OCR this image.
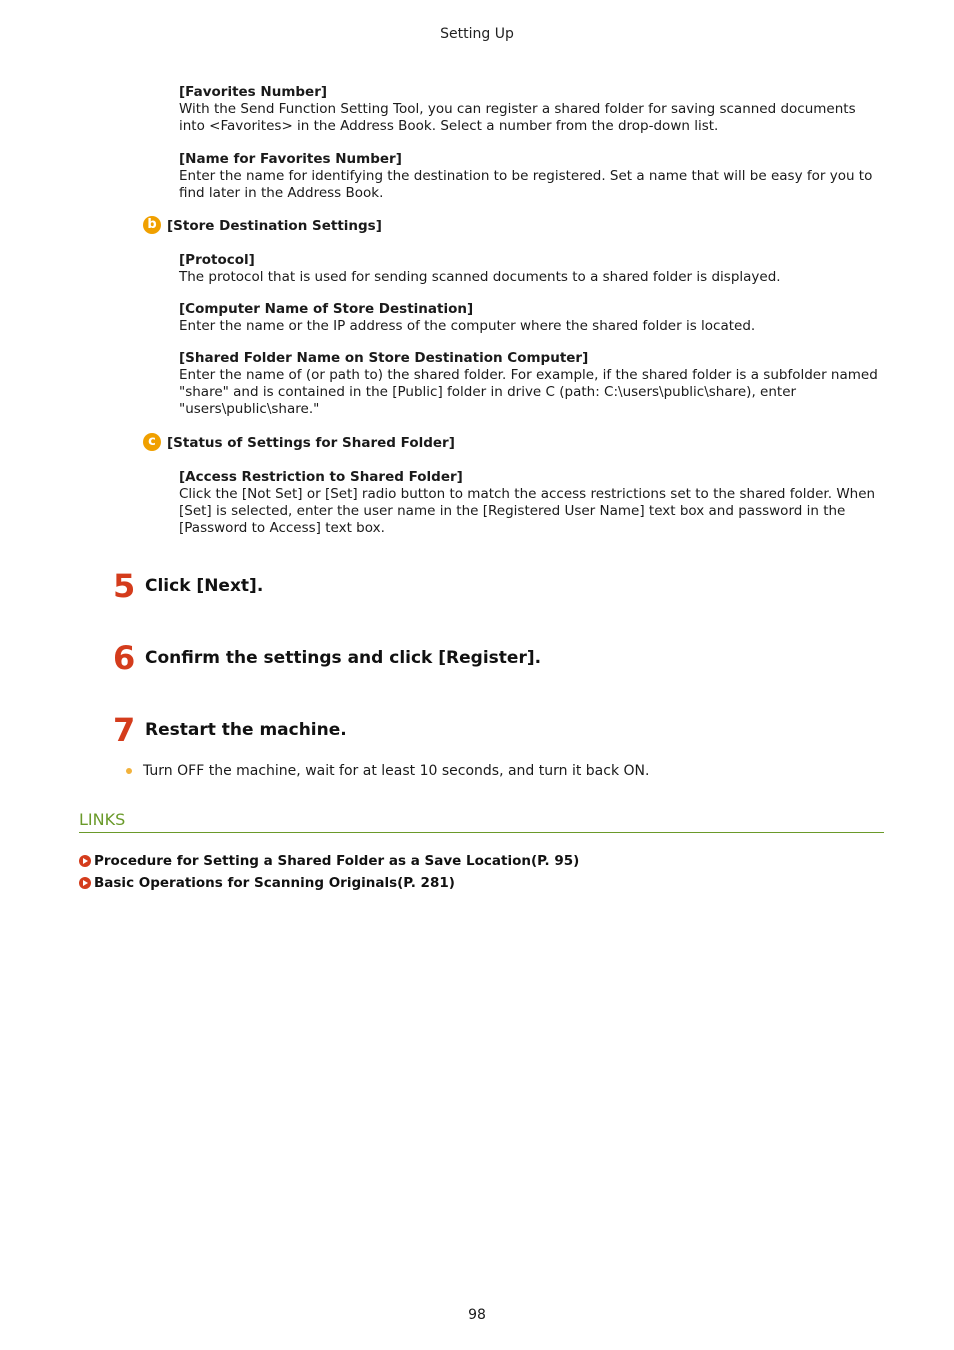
Setting Up
[Favorites Number]
With the Send Function Setting Tool, you can register a shared folder for saving scanned documents into <Favorites> in the Address Book. Select a number from the drop-down list.
[Name for Favorites Number]
Enter the name for identifying the destination to be registered. Set a name that will be easy for you to find later in the Address Book.
b [Store Destination Settings]
[Protocol]
The protocol that is used for sending scanned documents to a shared folder is displayed.
[Computer Name of Store Destination]
Enter the name or the IP address of the computer where the shared folder is located.
[Shared Folder Name on Store Destination Computer]
Enter the name of (or path to) the shared folder. For example, if the shared folder is a subfolder named "share" and is contained in the [Public] folder in drive C (path: C:\users\public\share), enter "users\public\share."
c [Status of Settings for Shared Folder]
[Access Restriction to Shared Folder]
Click the [Not Set] or [Set] radio button to match the access restrictions set to the shared folder. When [Set] is selected, enter the user name in the [Registered User Name] text box and password in the [Password to Access] text box.
5 Click [Next].
6 Confirm the settings and click [Register].
7 Restart the machine.
Turn OFF the machine, wait for at least 10 seconds, and turn it back ON.
LINKS
Procedure for Setting a Shared Folder as a Save Location(P. 95)
Basic Operations for Scanning Originals(P. 281)
98
